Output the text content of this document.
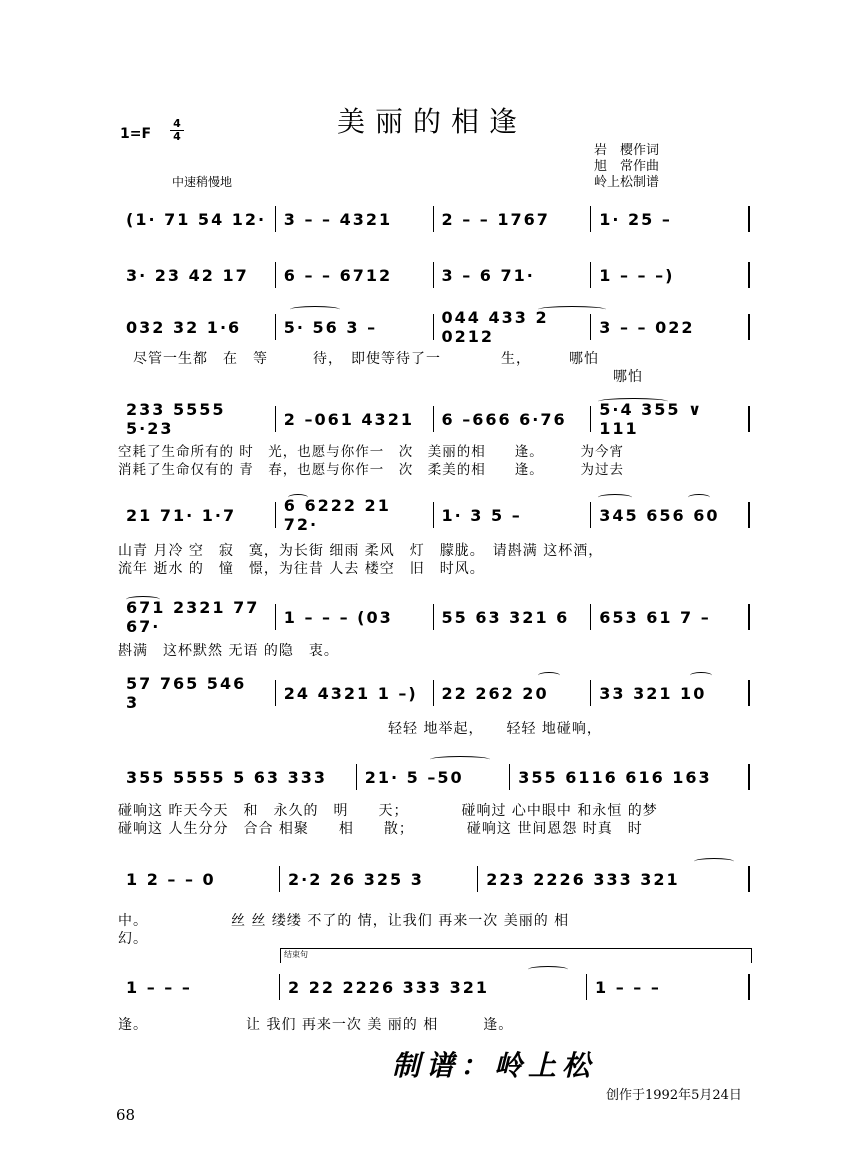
美丽的相逢
1=F
4
4
岩　樱作词
旭　常作曲
岭上松制谱
中速稍慢地
(1· 71 54 12· 3 – – 4321	2 – – 1767	1· 25 –
3· 23 42 17 6 – – 6712	3 – 6 71·	1 – – –)
032 32 1·6	5· 56 3 –	044 433 2 0212	3 – – 022
　尽管一生都　在　等　　　待，　即使等待了一　　　　生，　　　哪怕
　　　　　　　　　　　　　　　　　　　　　　　　　　　　　　　　　哪怕
233 5555 5·23	2 –061 4321 6 –666 6·76 5·4 355 ∨ 111
空耗了生命所有的 时　光，也愿与你作一　次　美丽的相　　逢。　　　为今宵
消耗了生命仅有的 青　春，也愿与你作一　次　柔美的相　　逢。　　　为过去
21 71· 1·7	6 6222 21 72·	1· 3 5 –	345 656 60
山青 月冷 空　寂　寞，为长街 细雨 柔风　灯　朦胧。　请斟满 这杯酒，
流年 逝水 的　憧　憬，为往昔 人去 楼空　旧　时风。
671 2321 77 67·	1 – – – (03	55 63 321 6 653 61 7 –
斟满　这杯默然 无语 的隐　衷。
57 765 546 3	24 4321 1 –) 22 262 20	33 321 10
　　　　　　　　　　　　　　　　　　轻轻 地举起，　　轻轻 地碰响，
355 5555 5 63 333 21· 5 –50	355 6116 616 163
碰响这 昨天今天　和　永久的　明　　天；　　　　碰响过 心中眼中 和永恒 的梦
碰响这 人生分分　合合 相聚　　相　　散；　　　　碰响这 世间恩怨 时真　时
1 2 – – 0	2·2 26 325 3	223 2226 333 321
中。　　　　　　丝 丝 缕缕 不了的 情，让我们 再来一次 美丽的 相
幻。
结束句
1 – – –	2 22 2226 333 321	1 – – –
逢。　　　　　　　让 我们 再来一次 美 丽的 相　　　逢。
制谱：岭上松
创作于1992年5月24日
68
